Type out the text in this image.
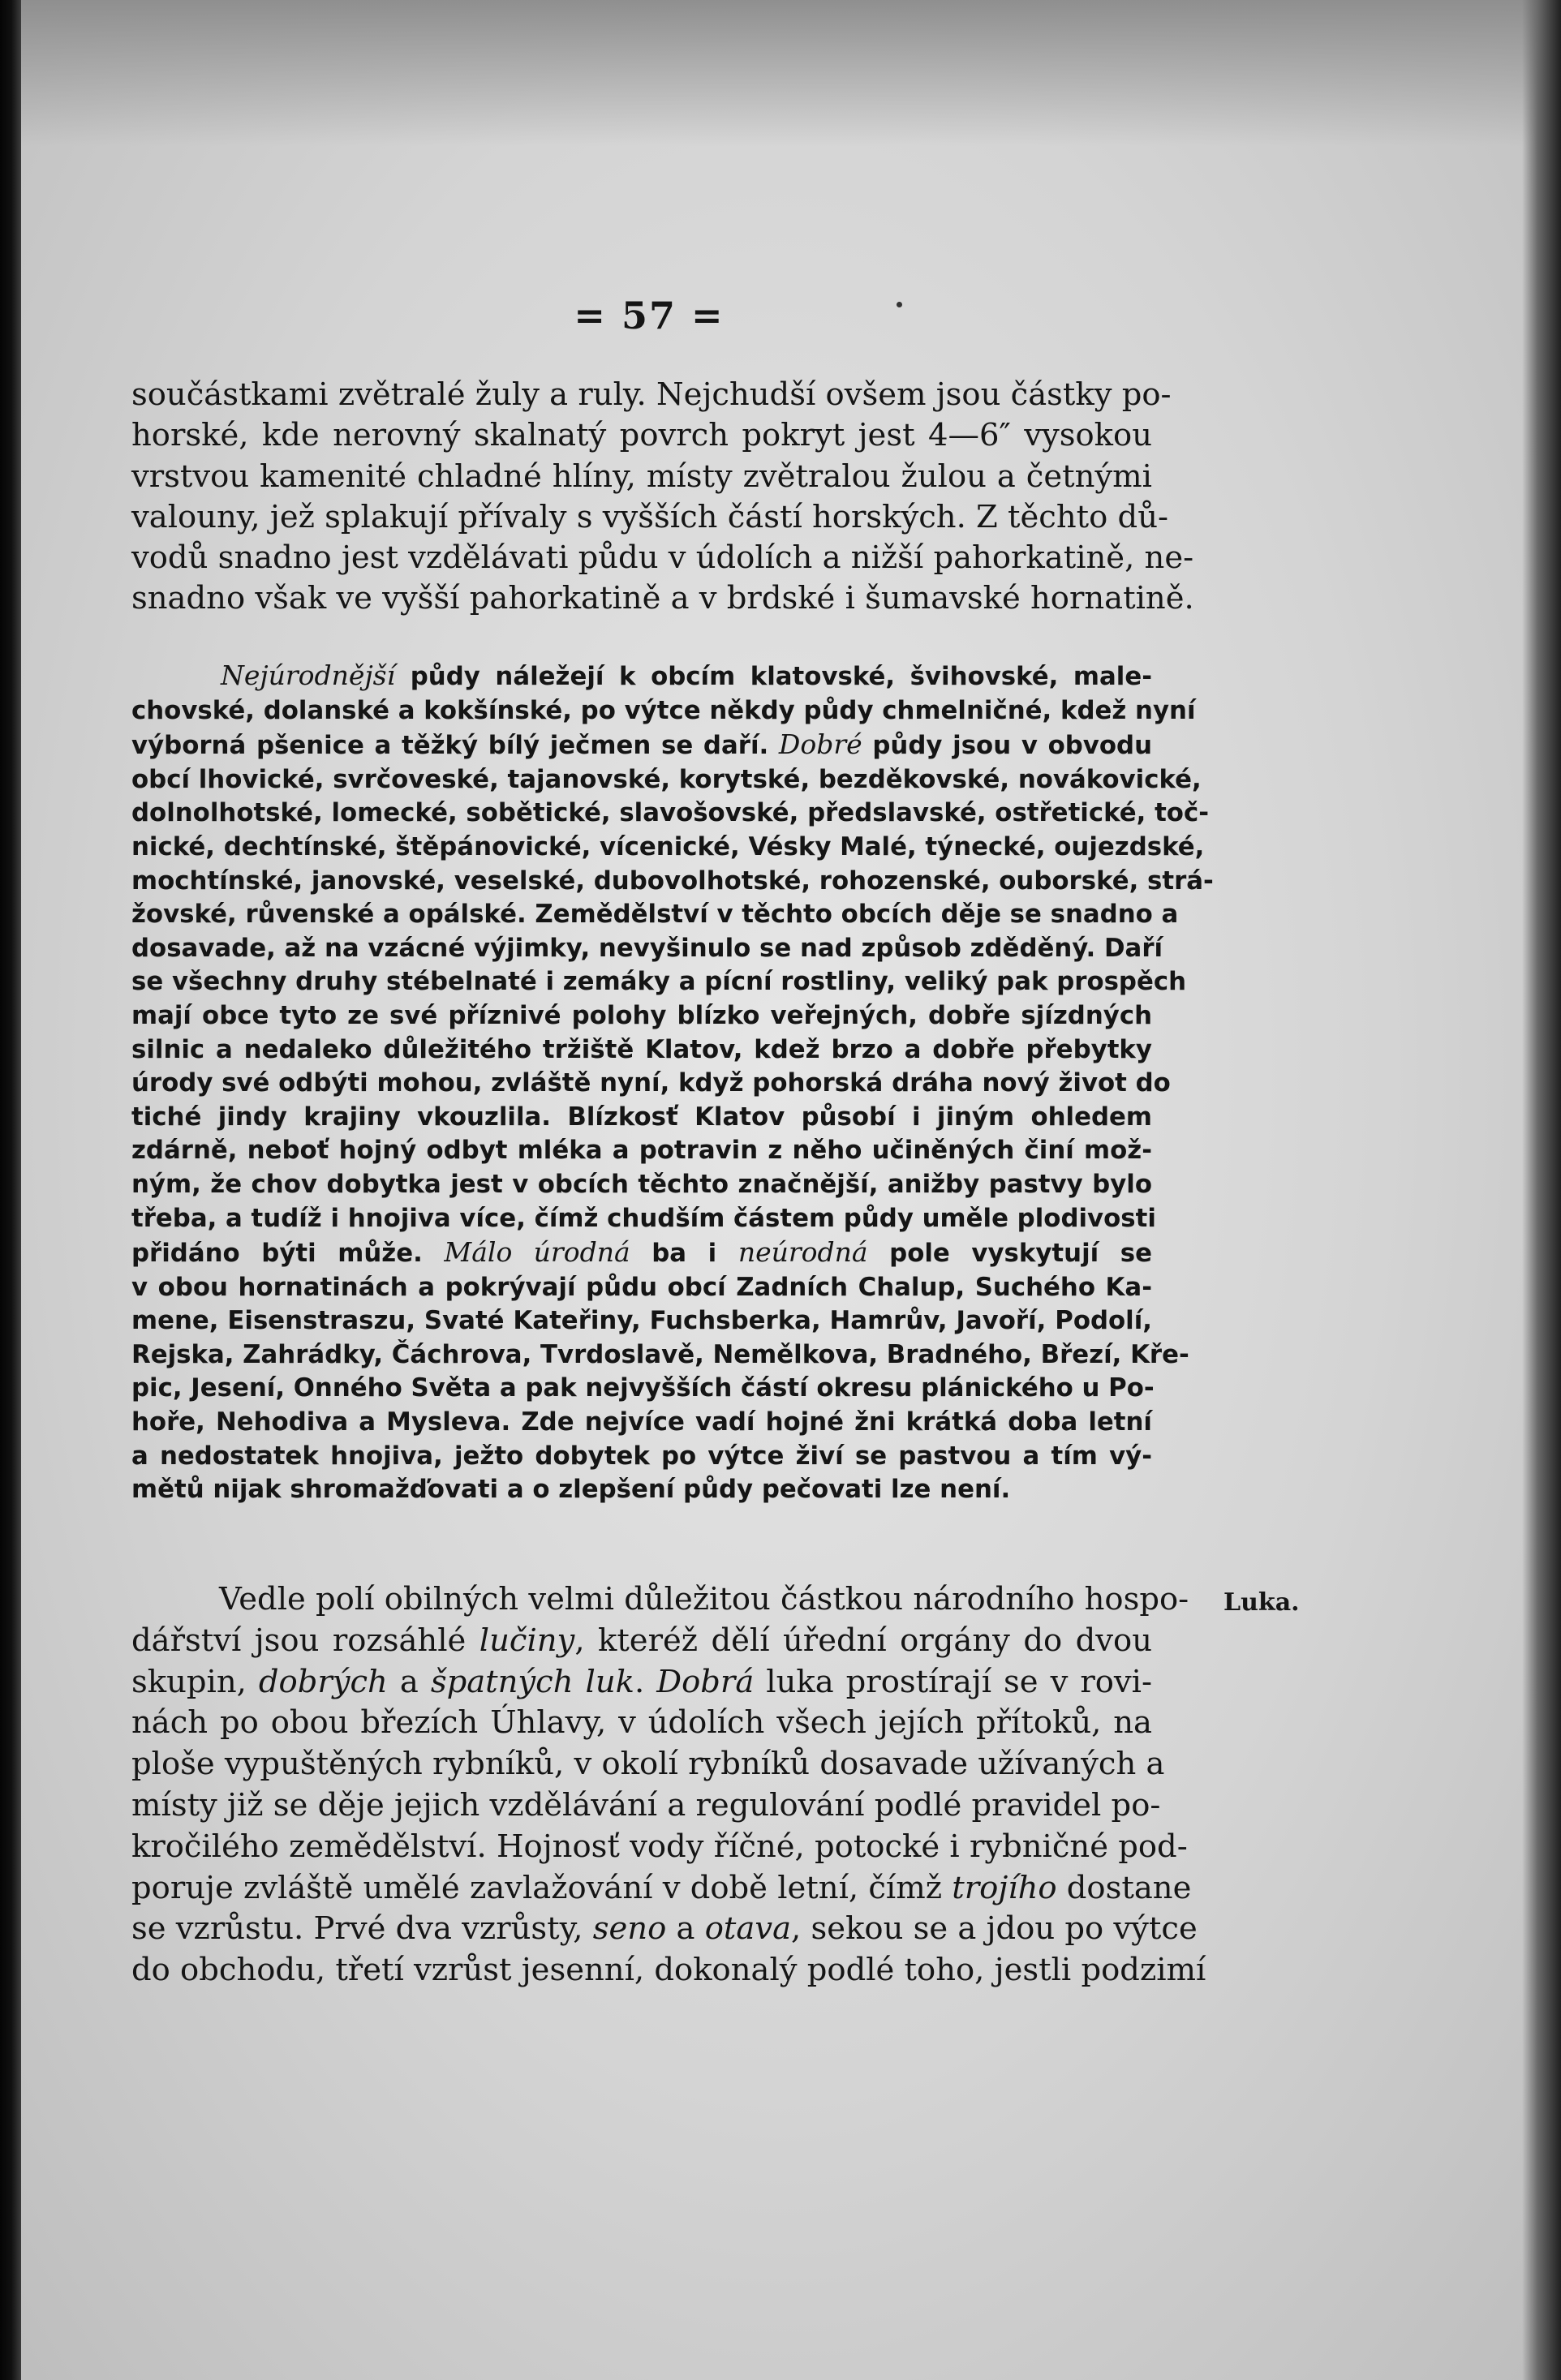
= 57 =

součástkami zvětralé žuly a ruly. Nejchudší ovšem jsou částky po-
horské, kde nerovný skalnatý povrch pokryt jest 4—6″ vysokou
vrstvou kamenité chladné hlíny, místy zvětralou žulou a četnými
valouny, jež splakují přívaly s vyšších částí horských. Z těchto dů-
vodů snadno jest vzdělávati půdu v údolích a nižší pahorkatině, ne-
snadno však ve vyšší pahorkatině a v brdské i šumavské hornatině.

Nejúrodnější půdy náležejí k obcím klatovské, švihovské, male-
chovské, dolanské a kokšínské, po výtce někdy půdy chmelničné, kdež nyní
výborná pšenice a těžký bílý ječmen se daří. Dobré půdy jsou v obvodu
obcí lhovické, svrčoveské, tajanovské, korytské, bezděkovské, novákovické,
dolnolhotské, lomecké, sobětické, slavošovské, předslavské, ostřetické, toč-
nické, dechtínské, štěpánovické, vícenické, Vésky Malé, týnecké, oujezdské,
mochtínské, janovské, veselské, dubovolhotské, rohozenské, ouborské, strá-
žovské, růvenské a opálské. Zemědělství v těchto obcích děje se snadno a
dosavade, až na vzácné výjimky, nevyšinulo se nad způsob zděděný. Daří
se všechny druhy stébelnaté i zemáky a pícní rostliny, veliký pak prospěch
mají obce tyto ze své příznivé polohy blízko veřejných, dobře sjízdných
silnic a nedaleko důležitého tržiště Klatov, kdež brzo a dobře přebytky
úrody své odbýti mohou, zvláště nyní, když pohorská dráha nový život do
tiché jindy krajiny vkouzlila. Blízkosť Klatov působí i jiným ohledem
zdárně, neboť hojný odbyt mléka a potravin z něho učiněných činí mož-
ným, že chov dobytka jest v obcích těchto značnější, anižby pastvy bylo
třeba, a tudíž i hnojiva více, čímž chudším částem půdy uměle plodivosti
přidáno býti může. Málo úrodná ba i neúrodná pole vyskytují se
v obou hornatinách a pokrývají půdu obcí Zadních Chalup, Suchého Ka-
mene, Eisenstraszu, Svaté Kateřiny, Fuchsberka, Hamrův, Javoří, Podolí,
Rejska, Zahrádky, Čáchrova, Tvrdoslavě, Nemělkova, Bradného, Březí, Kře-
pic, Jesení, Onného Světa a pak nejvyšších částí okresu plánického u Po-
hoře, Nehodiva a Mysleva. Zde nejvíce vadí hojné žni krátká doba letní
a nedostatek hnojiva, ježto dobytek po výtce živí se pastvou a tím vý-
mětů nijak shromažďovati a o zlepšení půdy pečovati lze není.

Luka.

Vedle polí obilných velmi důležitou částkou národního hospo-
dářství jsou rozsáhlé lučiny, kteréž dělí úřední orgány do dvou
skupin, dobrých a špatných luk. Dobrá luka prostírají se v rovi-
nách po obou březích Úhlavy, v údolích všech jejích přítoků, na
ploše vypuštěných rybníků, v okolí rybníků dosavade užívaných a
místy již se děje jejich vzdělávání a regulování podlé pravidel po-
kročilého zemědělství. Hojnosť vody říčné, potocké i rybničné pod-
poruje zvláště umělé zavlažování v době letní, čímž trojího dostane
se vzrůstu. Prvé dva vzrůsty, seno a otava, sekou se a jdou po výtce
do obchodu, třetí vzrůst jesenní, dokonalý podlé toho, jestli podzimí
